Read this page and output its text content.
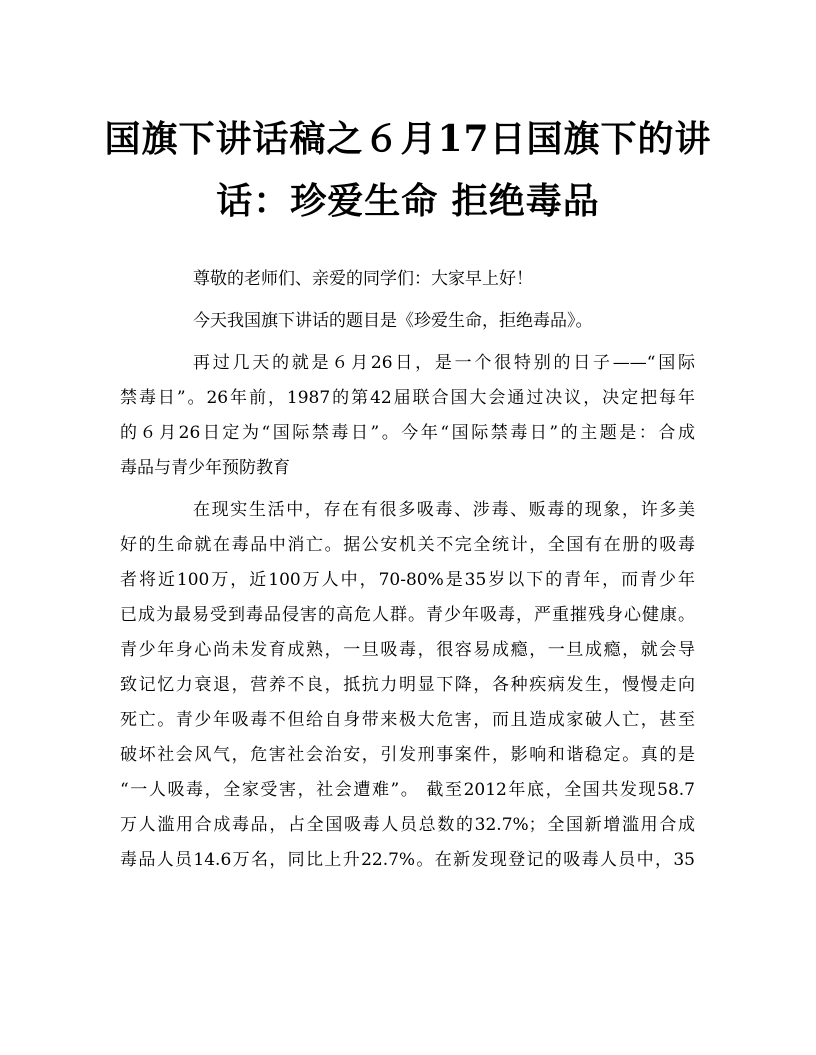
国旗下讲话稿之６月17日国旗下的讲
话：珍爱生命 拒绝毒品
尊敬的老师们、亲爱的同学们：大家早上好！
今天我国旗下讲话的题目是《珍爱生命，拒绝毒品》。
再过几天的就是６月26日，是一个很特别的日子——“国际
禁毒日”。26年前，1987的第42届联合国大会通过决议，决定把每年
的６月26日定为“国际禁毒日”。今年“国际禁毒日”的主题是：合成
毒品与青少年预防教育
在现实生活中，存在有很多吸毒、涉毒、贩毒的现象，许多美
好的生命就在毒品中消亡。据公安机关不完全统计，全国有在册的吸毒
者将近100万，近100万人中，70-80%是35岁以下的青年，而青少年
已成为最易受到毒品侵害的高危人群。青少年吸毒，严重摧残身心健康。
青少年身心尚未发育成熟，一旦吸毒，很容易成瘾，一旦成瘾，就会导
致记忆力衰退，营养不良，抵抗力明显下降，各种疾病发生，慢慢走向
死亡。青少年吸毒不但给自身带来极大危害，而且造成家破人亡，甚至
破坏社会风气，危害社会治安，引发刑事案件，影响和谐稳定。真的是
“一人吸毒，全家受害，社会遭难”。 截至2012年底，全国共发现58.7
万人滥用合成毒品，占全国吸毒人员总数的32.7%；全国新增滥用合成
毒品人员14.6万名，同比上升22.7%。在新发现登记的吸毒人员中，35
